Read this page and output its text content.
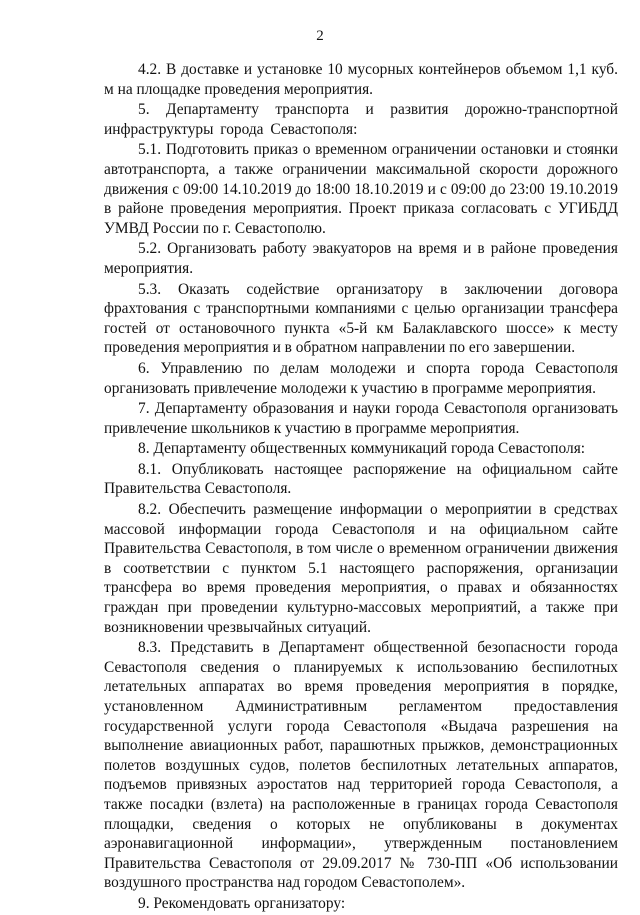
2

4.2. В доставке и установке 10 мусорных контейнеров объемом 1,1 куб. м на площадке проведения мероприятия.

5. Департаменту транспорта и развития дорожно-транспортной инфраструктуры города Севастополя:

5.1. Подготовить приказ о временном ограничении остановки и стоянки автотранспорта, а также ограничении максимальной скорости дорожного движения с 09:00 14.10.2019 до 18:00 18.10.2019 и с 09:00 до 23:00 19.10.2019 в районе проведения мероприятия. Проект приказа согласовать с УГИБДД УМВД России по г. Севастополю.

5.2. Организовать работу эвакуаторов на время и в районе проведения мероприятия.

5.3. Оказать содействие организатору в заключении договора фрахтования с транспортными компаниями с целью организации трансфера гостей от остановочного пункта «5-й км Балаклавского шоссе» к месту проведения мероприятия и в обратном направлении по его завершении.

6. Управлению по делам молодежи и спорта города Севастополя организовать привлечение молодежи к участию в программе мероприятия.

7. Департаменту образования и науки города Севастополя организовать привлечение школьников к участию в программе мероприятия.

8. Департаменту общественных коммуникаций города Севастополя:

8.1. Опубликовать настоящее распоряжение на официальном сайте Правительства Севастополя.

8.2. Обеспечить размещение информации о мероприятии в средствах массовой информации города Севастополя и на официальном сайте Правительства Севастополя, в том числе о временном ограничении движения в соответствии с пунктом 5.1 настоящего распоряжения, организации трансфера во время проведения мероприятия, о правах и обязанностях граждан при проведении культурно-массовых мероприятий, а также при возникновении чрезвычайных ситуаций.

8.3. Представить в Департамент общественной безопасности города Севастополя сведения о планируемых к использованию беспилотных летательных аппаратах во время проведения мероприятия в порядке, установленном Административным регламентом предоставления государственной услуги города Севастополя «Выдача разрешения на выполнение авиационных работ, парашютных прыжков, демонстрационных полетов воздушных судов, полетов беспилотных летательных аппаратов, подъемов привязных аэростатов над территорией города Севастополя, а также посадки (взлета) на расположенные в границах города Севастополя площадки, сведения о которых не опубликованы в документах аэронавигационной информации», утвержденным постановлением Правительства Севастополя от 29.09.2017 № 730-ПП «Об использовании воздушного пространства над городом Севастополем».

9. Рекомендовать организатору:
